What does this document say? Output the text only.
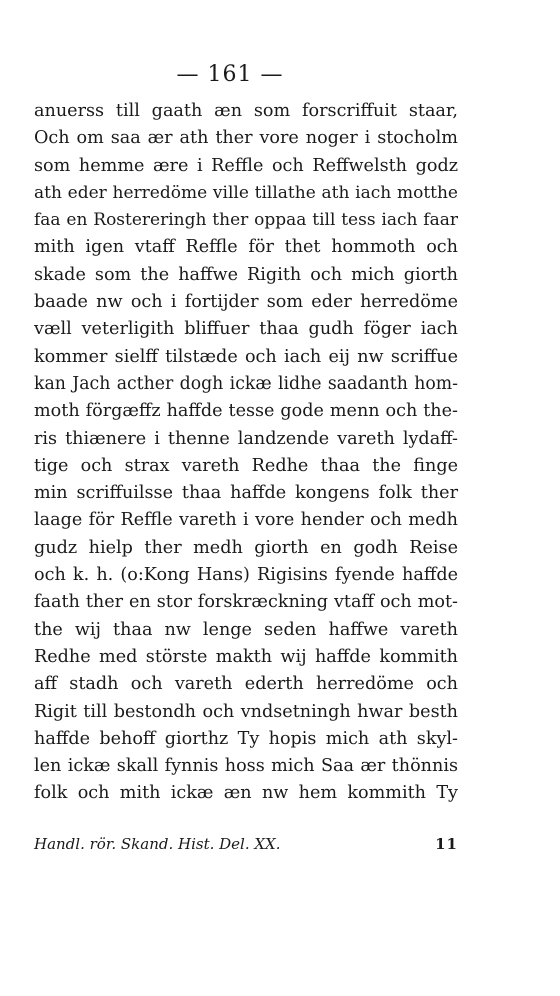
— 161 —
anuerss till gaath æn som forscriffuit staar,
Och om saa ær ath ther vore noger i stocholm
som hemme ære i Reffle och Reffwelsth godz
ath eder herredöme ville tillathe ath iach motthe
faa en Rostereringh ther oppaa till tess iach faar
mith igen vtaff Reffle för thet hommoth och
skade som the haffwe Rigith och mich giorth
baade nw och i fortijder som eder herredöme
væll veterligith bliffuer thaa gudh föger iach
kommer sielff tilstæde och iach eij nw scriffue
kan Jach acther dogh ickæ lidhe saadanth hom-
moth förgæffz haffde tesse gode menn och the-
ris thiænere i thenne landzende vareth lydaff-
tige och strax vareth Redhe thaa the finge
min scriffuilsse thaa haffde kongens folk ther
laage för Reffle vareth i vore hender och medh
gudz hielp ther medh giorth en godh Reise
och k. h. (o:Kong Hans) Rigisins fyende haffde
faath ther en stor forskræckning vtaff och mot-
the wij thaa nw lenge seden haffwe vareth
Redhe med störste makth wij haffde kommith
aff stadh och vareth ederth herredöme och
Rigit till bestondh och vndsetningh hwar besth
haffde behoff giorthz Ty hopis mich ath skyl-
len ickæ skall fynnis hoss mich Saa ær thönnis
folk och mith ickæ æn nw hem kommith Ty
Handl. rör. Skand. Hist. Del. XX.	11
